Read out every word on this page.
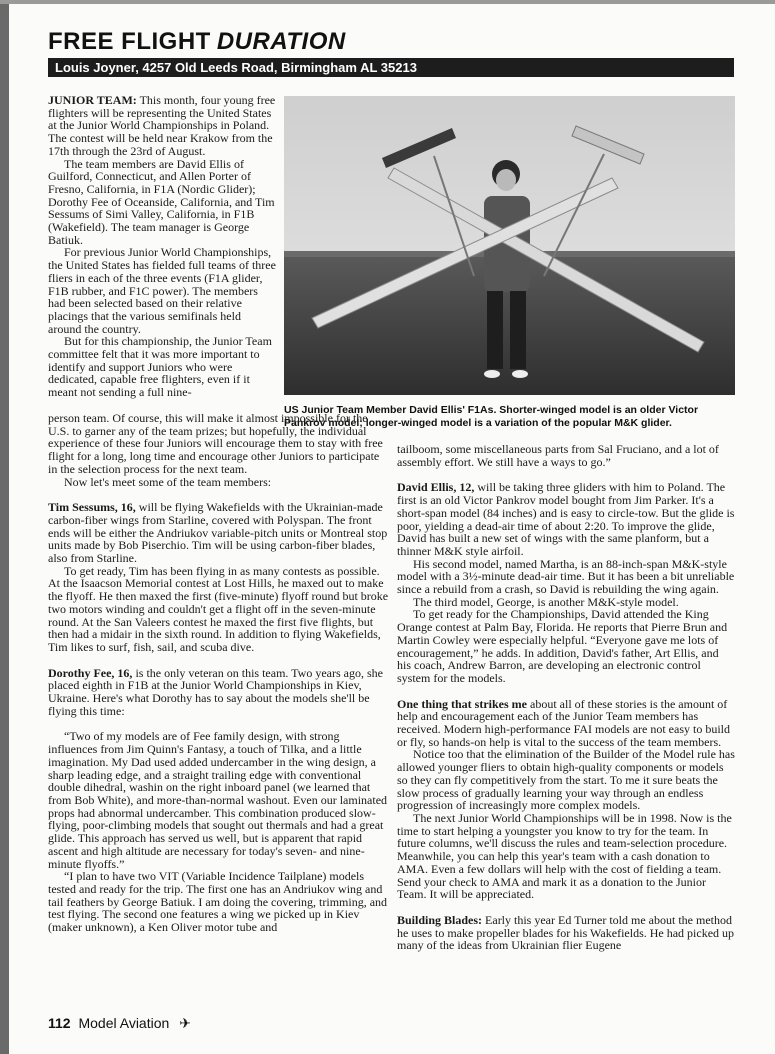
FREE FLIGHT DURATION
Louis Joyner, 4257 Old Leeds Road, Birmingham AL 35213

JUNIOR TEAM: This month, four young free flighters will be representing the United States at the Junior World Championships in Poland. The contest will be held near Krakow from the 17th through the 23rd of August.

The team members are David Ellis of Guilford, Connecticut, and Allen Porter of Fresno, California, in F1A (Nordic Glider); Dorothy Fee of Oceanside, California, and Tim Sessums of Simi Valley, California, in F1B (Wakefield). The team manager is George Batiuk.

For previous Junior World Championships, the United States has fielded full teams of three fliers in each of the three events (F1A glider, F1B rubber, and F1C power). The members had been selected based on their relative placings that the various semifinals held around the country.

But for this championship, the Junior Team committee felt that it was more important to identify and support Juniors who were dedicated, capable free flighters, even if it meant not sending a full nine-

US Junior Team Member David Ellis' F1As. Shorter-winged model is an older Victor Pankrov model; longer-winged model is a variation of the popular M&K glider.

person team. Of course, this will make it almost impossible for the U.S. to garner any of the team prizes; but hopefully, the individual experience of these four Juniors will encourage them to stay with free flight for a long, long time and encourage other Juniors to participate in the selection process for the next team.

Now let's meet some of the team members:

Tim Sessums, 16, will be flying Wakefields with the Ukrainian-made carbon-fiber wings from Starline, covered with Polyspan. The front ends will be either the Andriukov variable-pitch units or Montreal stop units made by Bob Piserchio. Tim will be using carbon-fiber blades, also from Starline.

To get ready, Tim has been flying in as many contests as possible. At the Isaacson Memorial contest at Lost Hills, he maxed out to make the flyoff. He then maxed the first (five-minute) flyoff round but broke two motors winding and couldn't get a flight off in the seven-minute round. At the San Valeers contest he maxed the first five flights, but then had a midair in the sixth round. In addition to flying Wakefields, Tim likes to surf, fish, sail, and scuba dive.

Dorothy Fee, 16, is the only veteran on this team. Two years ago, she placed eighth in F1B at the Junior World Championships in Kiev, Ukraine. Here's what Dorothy has to say about the models she'll be flying this time:

“Two of my models are of Fee family design, with strong influences from Jim Quinn's Fantasy, a touch of Tilka, and a little imagination. My Dad used added undercamber in the wing design, a sharp leading edge, and a straight trailing edge with conventional double dihedral, washin on the right inboard panel (we learned that from Bob White), and more-than-normal washout. Even our laminated props had abnormal undercamber. This combination produced slow-flying, poor-climbing models that sought out thermals and had a great glide. This approach has served us well, but is apparent that rapid ascent and high altitude are necessary for today's seven- and nine-minute flyoffs.”

“I plan to have two VIT (Variable Incidence Tailplane) models tested and ready for the trip. The first one has an Andriukov wing and tail feathers by George Batiuk. I am doing the covering, trimming, and test flying. The second one features a wing we picked up in Kiev (maker unknown), a Ken Oliver motor tube and

tailboom, some miscellaneous parts from Sal Fruciano, and a lot of assembly effort. We still have a ways to go.”

David Ellis, 12, will be taking three gliders with him to Poland. The first is an old Victor Pankrov model bought from Jim Parker. It's a short-span model (84 inches) and is easy to circle-tow. But the glide is poor, yielding a dead-air time of about 2:20. To improve the glide, David has built a new set of wings with the same planform, but a thinner M&K style airfoil.

His second model, named Martha, is an 88-inch-span M&K-style model with a 3½-minute dead-air time. But it has been a bit unreliable since a rebuild from a crash, so David is rebuilding the wing again.

The third model, George, is another M&K-style model.

To get ready for the Championships, David attended the King Orange contest at Palm Bay, Florida. He reports that Pierre Brun and Martin Cowley were especially helpful. “Everyone gave me lots of encouragement,” he adds. In addition, David's father, Art Ellis, and his coach, Andrew Barron, are developing an electronic control system for the models.

One thing that strikes me about all of these stories is the amount of help and encouragement each of the Junior Team members has received. Modern high-performance FAI models are not easy to build or fly, so hands-on help is vital to the success of the team members.

Notice too that the elimination of the Builder of the Model rule has allowed younger fliers to obtain high-quality components or models so they can fly competitively from the start. To me it sure beats the slow process of gradually learning your way through an endless progression of increasingly more complex models.

The next Junior World Championships will be in 1998. Now is the time to start helping a youngster you know to try for the team. In future columns, we'll discuss the rules and team-selection procedure. Meanwhile, you can help this year's team with a cash donation to AMA. Even a few dollars will help with the cost of fielding a team. Send your check to AMA and mark it as a donation to the Junior Team. It will be appreciated.

Building Blades: Early this year Ed Turner told me about the method he uses to make propeller blades for his Wakefields. He had picked up many of the ideas from Ukrainian flier Eugene

112 Model Aviation ✈
